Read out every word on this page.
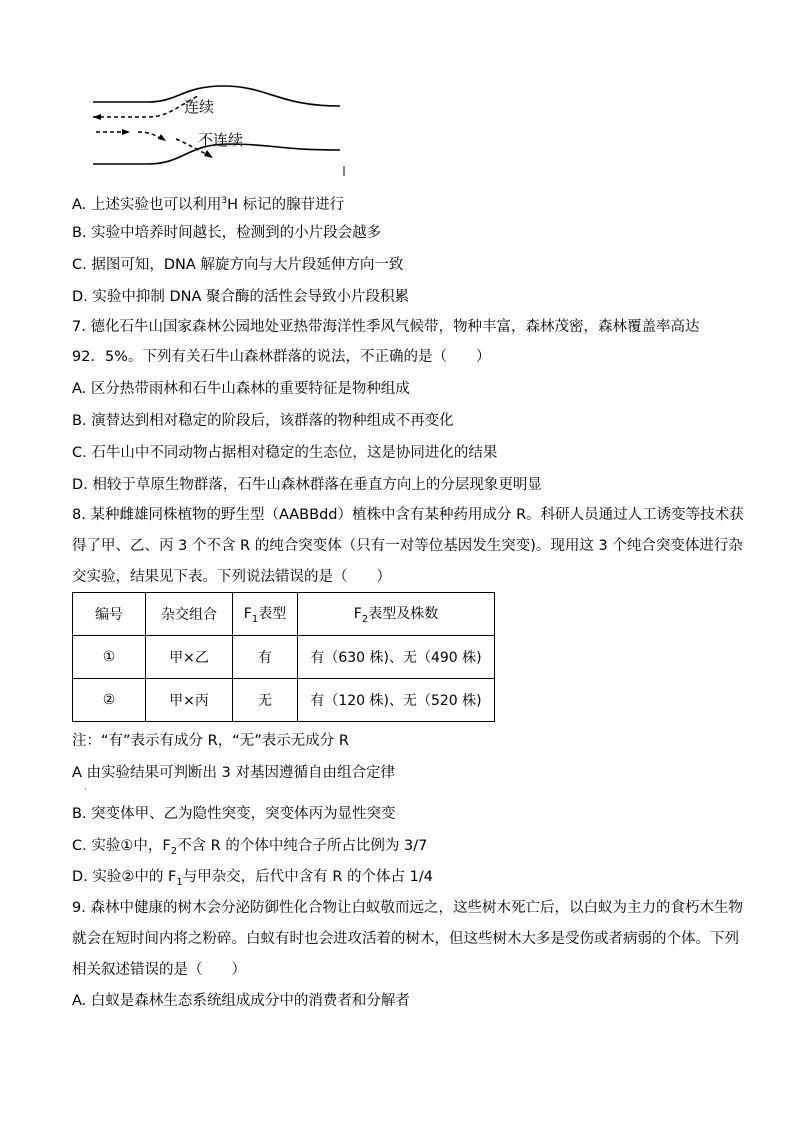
连续
不连续
A. 上述实验也可以利用$^3$H 标记的腺苷进行
B. 实验中培养时间越长，检测到的小片段会越多
C. 据图可知，DNA 解旋方向与大片段延伸方向一致
D. 实验中抑制 DNA 聚合酶的活性会导致小片段积累
7. 德化石牛山国家森林公园地处亚热带海洋性季风气候带，物种丰富，森林茂密，森林覆盖率高达
92．5%。下列有关石牛山森林群落的说法，不正确的是（　　）
A. 区分热带雨林和石牛山森林的重要特征是物种组成
B. 演替达到相对稳定的阶段后，该群落的物种组成不再变化
C. 石牛山中不同动物占据相对稳定的生态位，这是协同进化的结果
D. 相较于草原生物群落，石牛山森林群落在垂直方向上的分层现象更明显
8. 某种雌雄同株植物的野生型（AABBdd）植株中含有某种药用成分 R。科研人员通过人工诱变等技术获
得了甲、乙、丙 3 个不含 R 的纯合突变体（只有一对等位基因发生突变)。现用这 3 个纯合突变体进行杂
交实验，结果见下表。下列说法错误的是（　　）
编号	杂交组合	$F_1$表型	$F_2$表型及株数
①	甲×乙	有	有（630 株)、无（490 株)
②	甲×丙	无	有（120 株)、无（520 株)
注：“有”表示有成分 R，“无”表示无成分 R
A 由实验结果可判断出 3 对基因遵循自由组合定律
·
B. 突变体甲、乙为隐性突变，突变体丙为显性突变
C. 实验①中，$F_2$不含 R 的个体中纯合子所占比例为 3/7
D. 实验②中的 $F_1$与甲杂交，后代中含有 R 的个体占 1/4
9. 森林中健康的树木会分泌防御性化合物让白蚁敬而远之，这些树木死亡后，以白蚁为主力的食朽木生物
就会在短时间内将之粉碎。白蚁有时也会进攻活着的树木，但这些树木大多是受伤或者病弱的个体。下列
相关叙述错误的是（　　）
A. 白蚁是森林生态系统组成成分中的消费者和分解者
